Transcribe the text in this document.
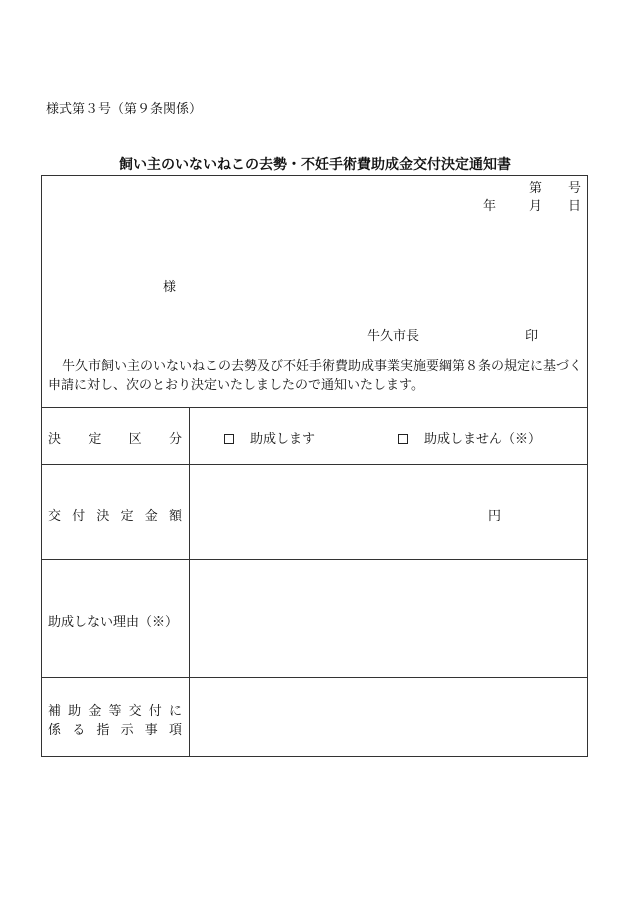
様式第３号（第９条関係）
飼い主のいないねこの去勢・不妊手術費助成金交付決定通知書
第 号
年	月 日
様
牛久市長	印
牛久市飼い主のいないねこの去勢及び不妊手術費助成事業実施要綱第８条の規定に基づく申請に対し、次のとおり決定いたしましたので通知いたします。
決 定 区 分	助成します	助成しません（※）
交 付 決 定 金 額	円
助成しない理由（※）
補 助 金 等 交 付 に
係 る 指 示 事 項
